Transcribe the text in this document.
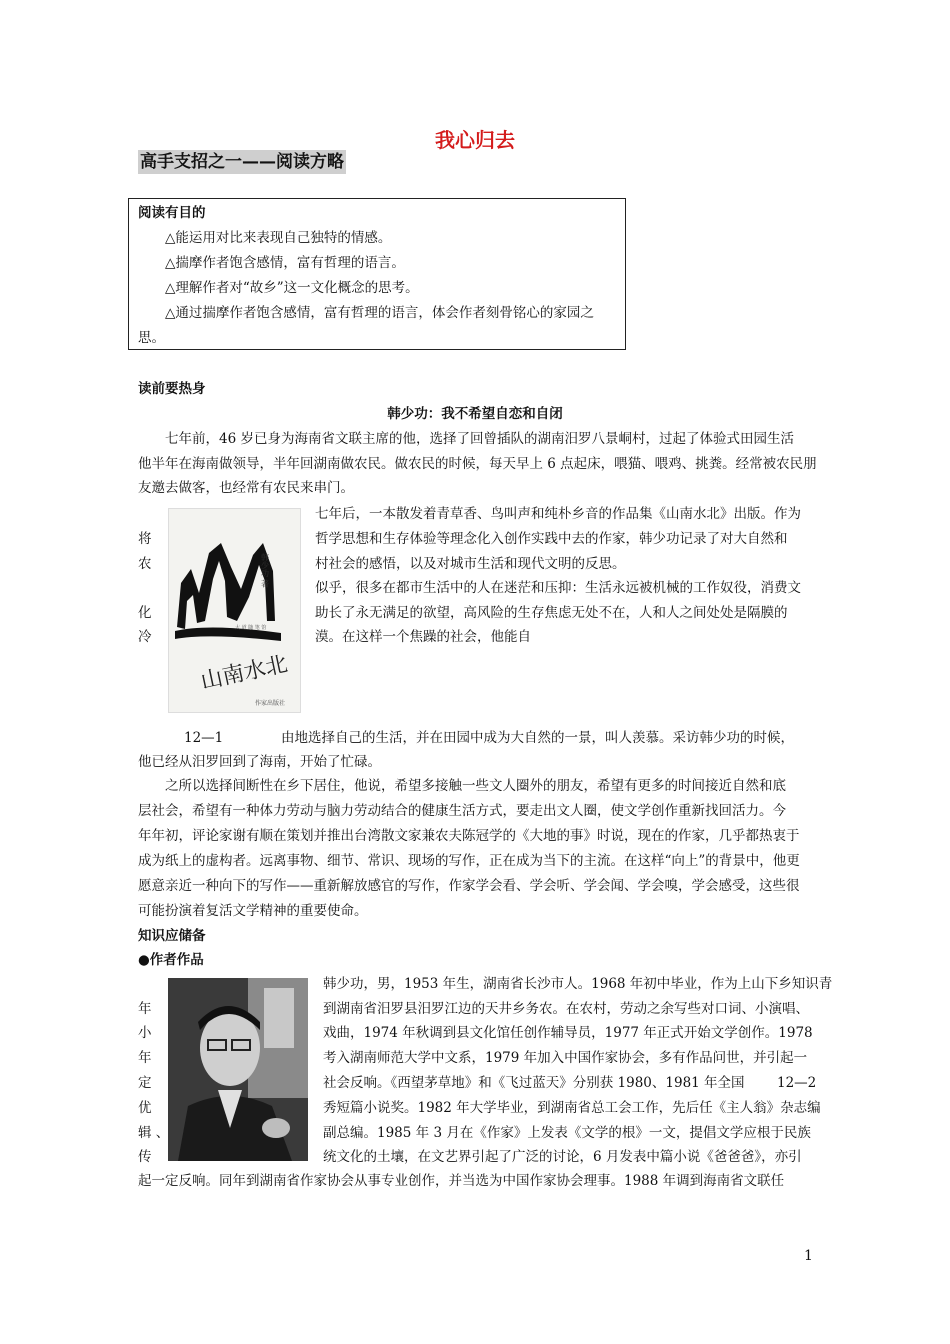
我心归去
高手支招之一——阅读方略
阅读有目的
△能运用对比来表现自己独特的情感。
△揣摩作者饱含感情，富有哲理的语言。
△理解作者对“故乡”这一文化概念的思考。
△通过揣摩作者饱含感情，富有哲理的语言，体会作者刻骨铭心的家园之
思。
读前要热身
韩少功：我不希望自恋和自闭
七年前，46 岁已身为海南省文联主席的他，选择了回曾插队的湖南汨罗八景峒村，过起了体验式田园生活
他半年在海南做领导，半年回湖南做农民。做农民的时候，每天早上 6 点起床，喂猫、喂鸡、挑粪。经常被农民朋
友邀去做客，也经常有农民来串门。
七年后，一本散发着青草香、鸟叫声和纯朴乡音的作品集《山南水北》出版。作为
哲学思想和生存体验等理念化入创作实践中去的作家，韩少功记录了对大自然和
村社会的感悟，以及对城市生活和现代文明的反思。
似乎，很多在都市生活中的人在迷茫和压抑：生活永远被机械的工作奴役，消费文
助长了永无满足的欲望，高风险的生存焦虑无处不在，人和人之间处处是隔膜的
漠。在这样一个焦躁的社会，他能自
将
农
化
冷
韩少功 著
大 道 随 笔 馆
山南水北
作家出版社
12—1	由地选择自己的生活，并在田园中成为大自然的一景，叫人羡慕。采访韩少功的时候，
他已经从汨罗回到了海南，开始了忙碌。
之所以选择间断性在乡下居住，他说，希望多接触一些文人圈外的朋友，希望有更多的时间接近自然和底
层社会，希望有一种体力劳动与脑力劳动结合的健康生活方式，要走出文人圈，使文学创作重新找回活力。今
年年初，评论家谢有顺在策划并推出台湾散文家兼农夫陈冠学的《大地的事》时说，现在的作家，几乎都热衷于
成为纸上的虚构者。远离事物、细节、常识、现场的写作，正在成为当下的主流。在这样“向上”的背景中，他更
愿意亲近一种向下的写作——重新解放感官的写作，作家学会看、学会听、学会闻、学会嗅，学会感受，这些很
可能扮演着复活文学精神的重要使命。
知识应储备
●作者作品
韩少功，男，1953 年生，湖南省长沙市人。1968 年初中毕业，作为上山下乡知识青
到湖南省汨罗县汨罗江边的天井乡务农。在农村，劳动之余写些对口词、小演唱、
戏曲，1974 年秋调到县文化馆任创作辅导员，1977 年正式开始文学创作。1978
考入湖南师范大学中文系，1979 年加入中国作家协会，多有作品问世，并引起一
社会反响。《西望茅草地》和《飞过蓝天》分别获 1980、1981 年全国 12—2
秀短篇小说奖。1982 年大学毕业，到湖南省总工会工作，先后任《主人翁》杂志编
副总编。1985 年 3 月在《作家》上发表《文学的根》一文，提倡文学应根于民族
统文化的土壤，在文艺界引起了广泛的讨论，6 月发表中篇小说《爸爸爸》，亦引
起一定反响。同年到湖南省作家协会从事专业创作，并当选为中国作家协会理事。1988 年调到海南省文联任
年
小
年
定
优
辑 、
传
1
